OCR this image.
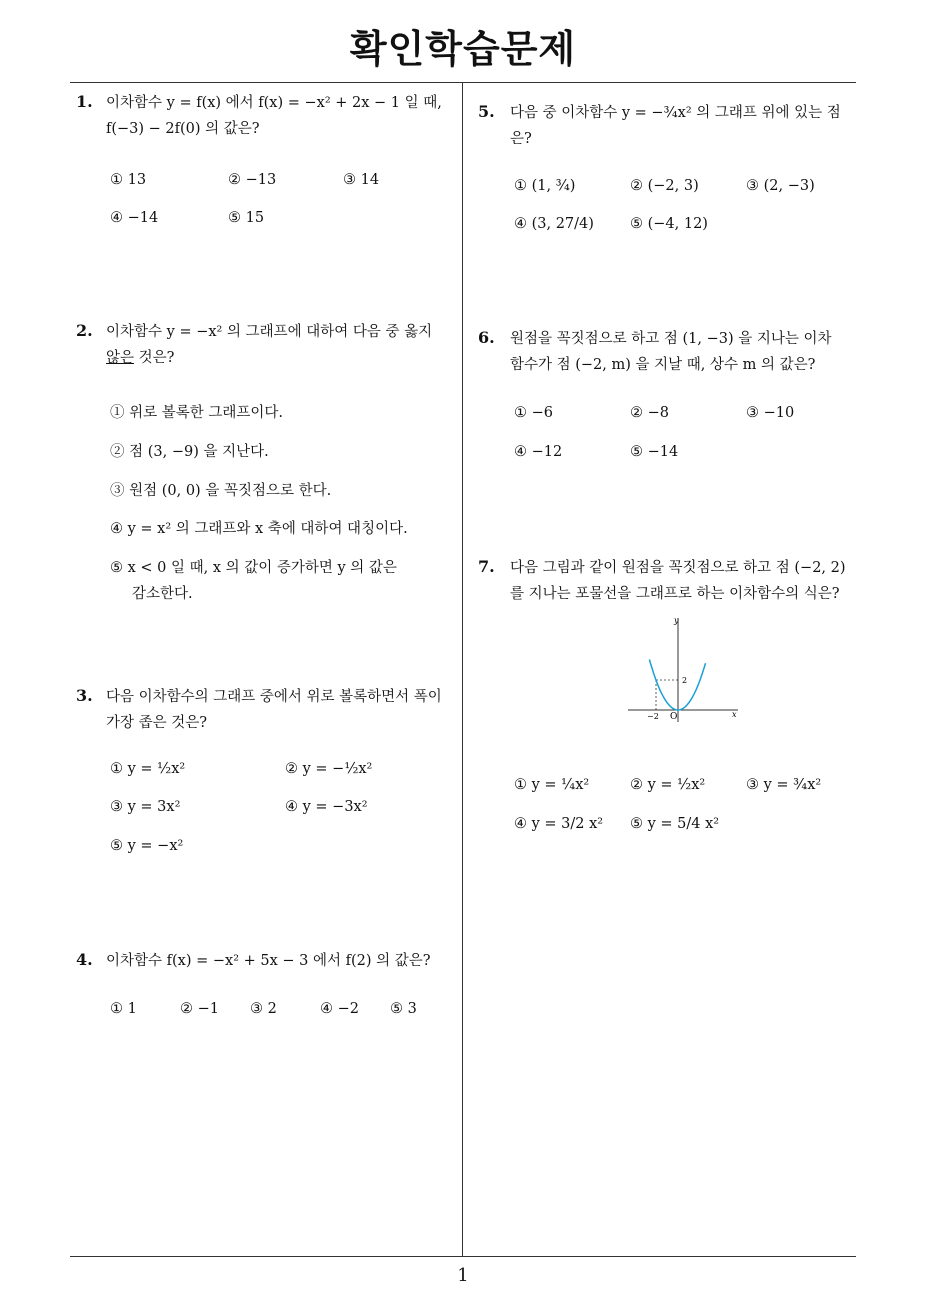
확인학습문제
1
1. 이차함수 y = f(x) 에서 f(x) = −x² + 2x − 1 일 때,
f(−3) − 2f(0) 의 값은?
① 13	② −13	③ 14
④ −14	⑤ 15
2. 이차함수 y = −x² 의 그래프에 대하여 다음 중 옳지
않은 것은?
① 위로 볼록한 그래프이다.
② 점 (3, −9) 을 지난다.
③ 원점 (0, 0) 을 꼭짓점으로 한다.
④ y = x² 의 그래프와 x 축에 대하여 대칭이다.
⑤ x < 0 일 때, x 의 값이 증가하면 y 의 값은
감소한다.
3. 다음 이차함수의 그래프 중에서 위로 볼록하면서 폭이
가장 좁은 것은?
① y = ½x²	② y = −½x²
③ y = 3x²	④ y = −3x²
⑤ y = −x²
4. 이차함수 f(x) = −x² + 5x − 3 에서 f(2) 의 값은?
① 1	② −1 ③ 2	④ −2 ⑤ 3
5. 다음 중 이차함수 y = −¾x² 의 그래프 위에 있는 점
은?
① (1, ¾)	② (−2, 3)	③ (2, −3)
④ (3, 27/4) ⑤ (−4, 12)
6. 원점을 꼭짓점으로 하고 점 (1, −3) 을 지나는 이차
함수가 점 (−2, m) 을 지날 때, 상수 m 의 값은?
① −6	② −8	③ −10
④ −12	⑤ −14
7. 다음 그림과 같이 원점을 꼭짓점으로 하고 점 (−2, 2)
를 지나는 포물선을 그래프로 하는 이차함수의 식은?
y
x
2
−2 O
① y = ¼x²	② y = ½x²	③ y = ¾x²
④ y = 3/2 x² ⑤ y = 5/4 x²
